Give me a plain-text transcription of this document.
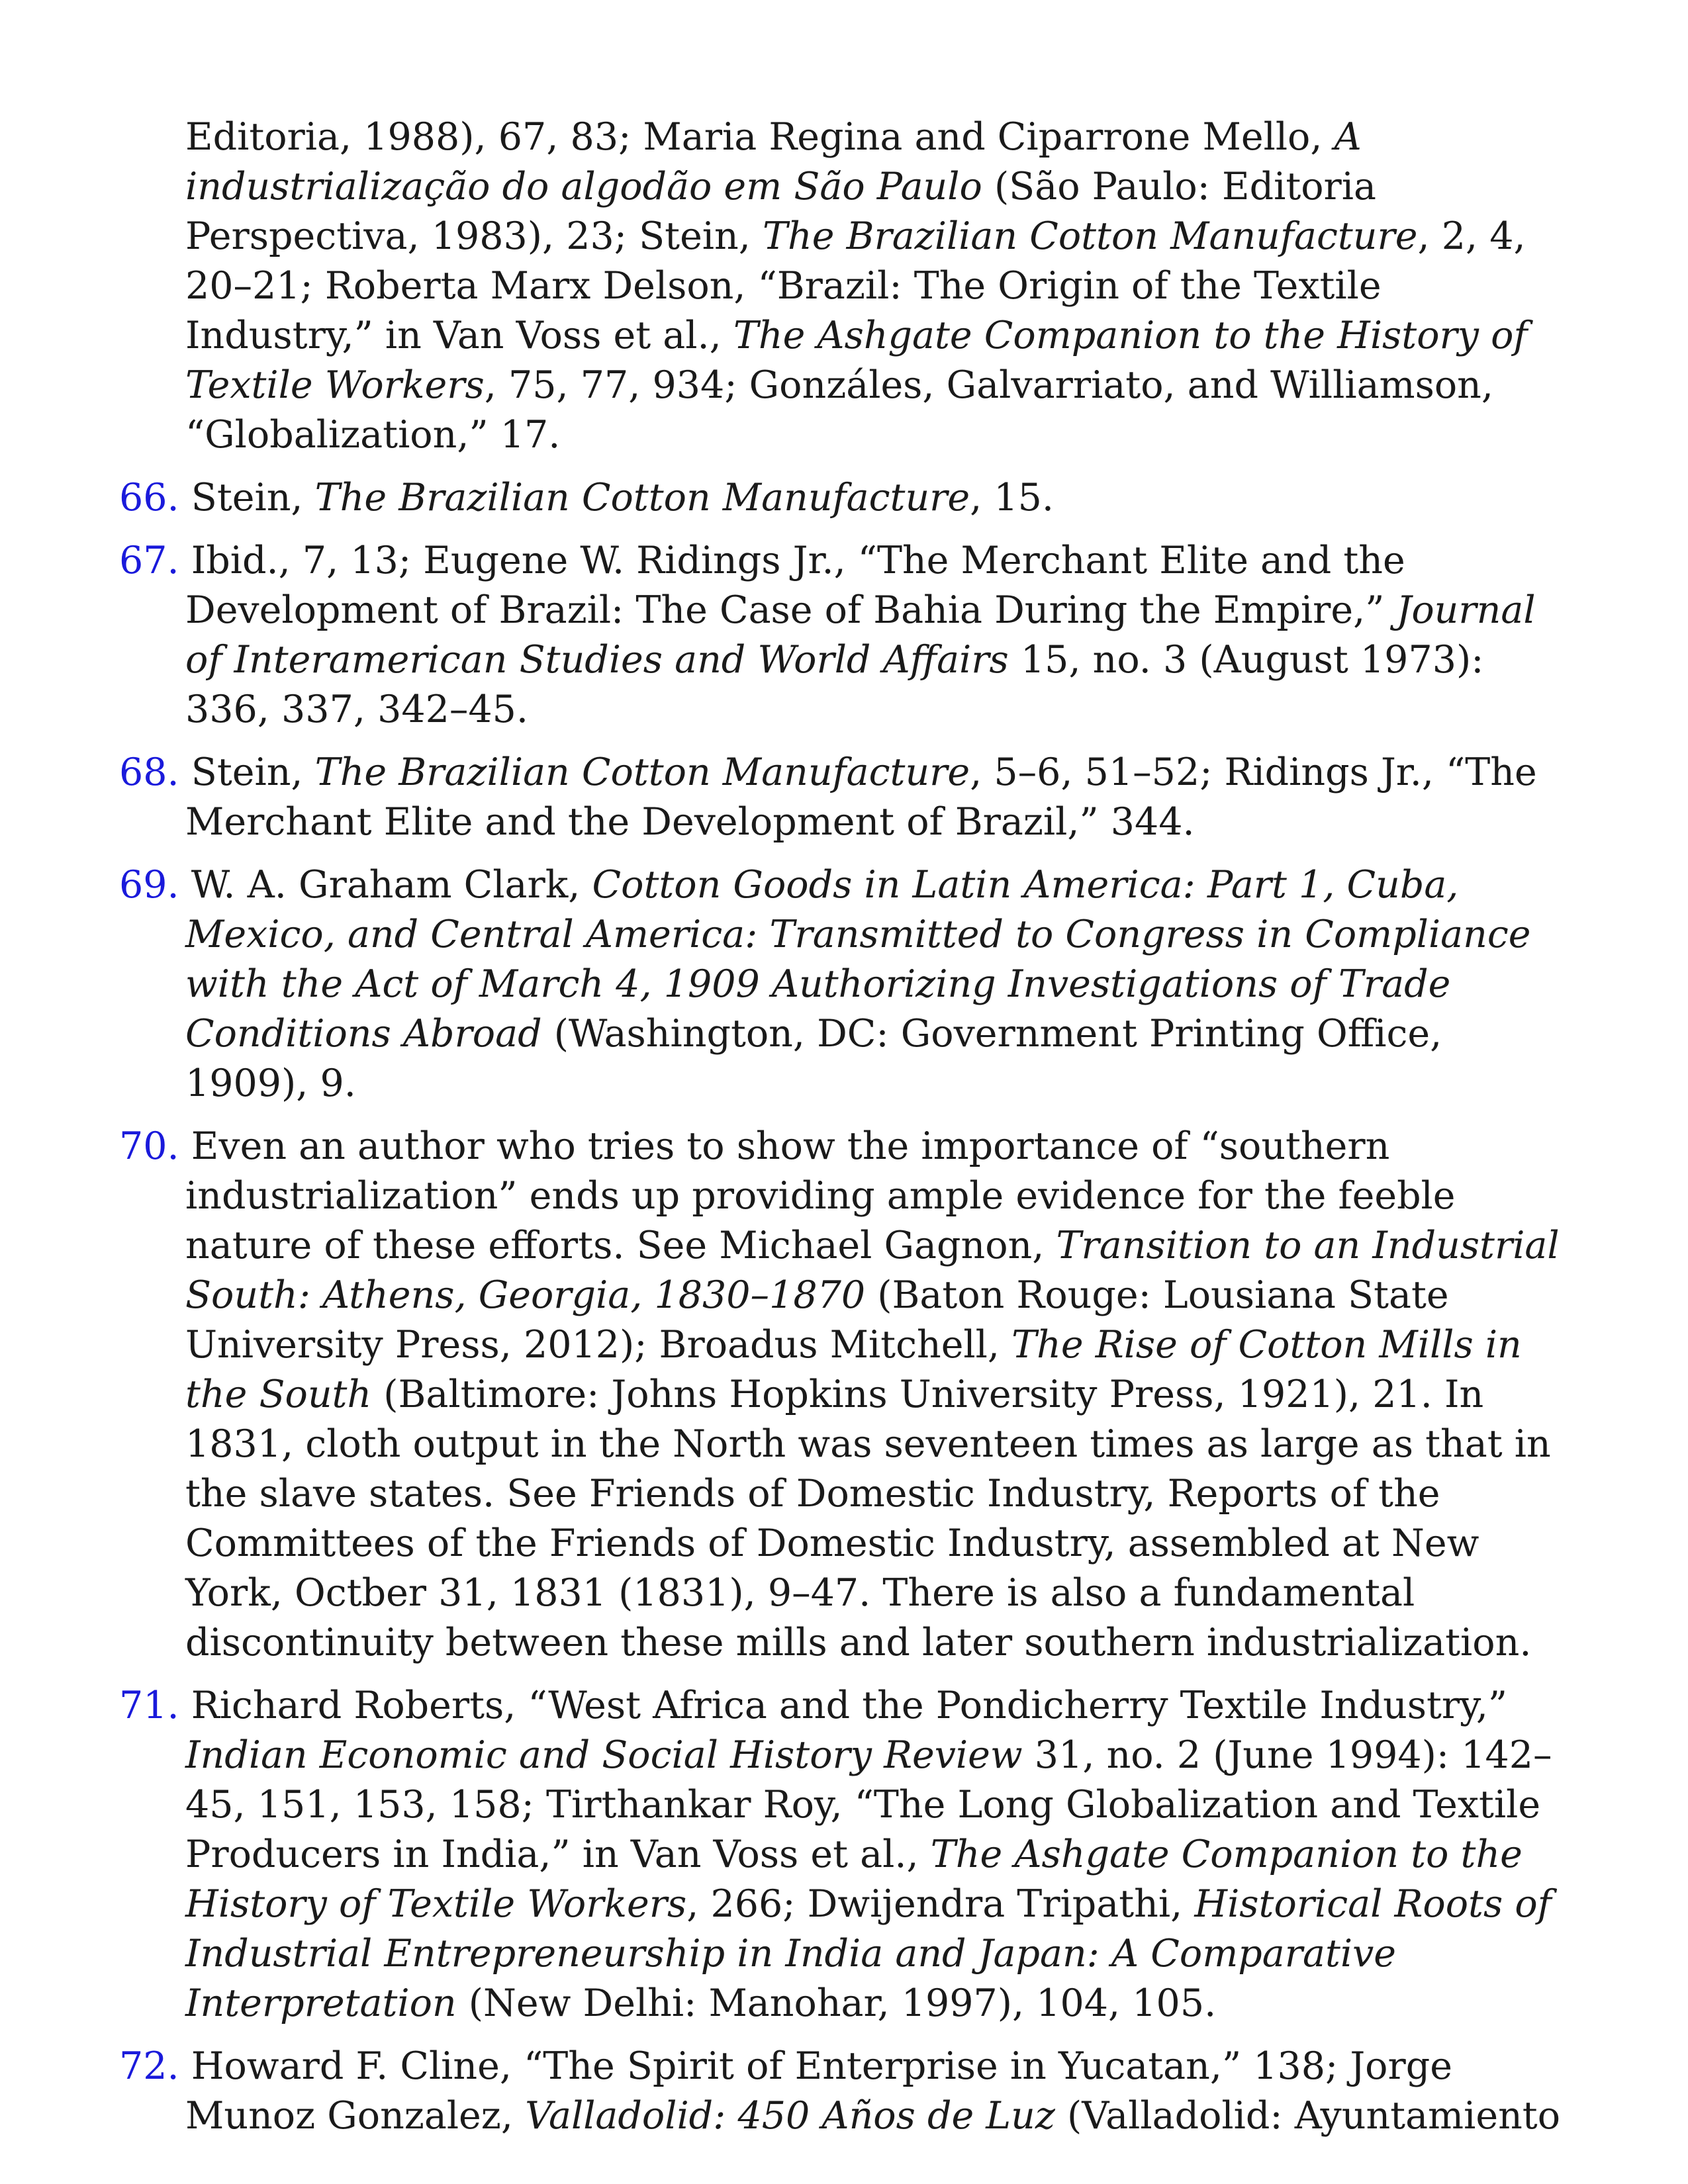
Editoria, 1988), 67, 83; Maria Regina and Ciparrone Mello, A industrialização do algodão em São Paulo (São Paulo: Editoria Perspectiva, 1983), 23; Stein, The Brazilian Cotton Manufacture, 2, 4, 20–21; Roberta Marx Delson, “Brazil: The Origin of the Textile Industry,” in Van Voss et al., The Ashgate Companion to the History of Textile Workers, 75, 77, 934; Gonzáles, Galvarriato, and Williamson, “Globalization,” 17.

66. Stein, The Brazilian Cotton Manufacture, 15.

67. Ibid., 7, 13; Eugene W. Ridings Jr., “The Merchant Elite and the Development of Brazil: The Case of Bahia During the Empire,” Journal of Interamerican Studies and World Affairs 15, no. 3 (August 1973): 336, 337, 342–45.

68. Stein, The Brazilian Cotton Manufacture, 5–6, 51–52; Ridings Jr., “The Merchant Elite and the Development of Brazil,” 344.

69. W. A. Graham Clark, Cotton Goods in Latin America: Part 1, Cuba, Mexico, and Central America: Transmitted to Congress in Compliance with the Act of March 4, 1909 Authorizing Investigations of Trade Conditions Abroad (Washington, DC: Government Printing Office, 1909), 9.

70. Even an author who tries to show the importance of “southern industrialization” ends up providing ample evidence for the feeble nature of these efforts. See Michael Gagnon, Transition to an Industrial South: Athens, Georgia, 1830–1870 (Baton Rouge: Lousiana State University Press, 2012); Broadus Mitchell, The Rise of Cotton Mills in the South (Baltimore: Johns Hopkins University Press, 1921), 21. In 1831, cloth output in the North was seventeen times as large as that in the slave states. See Friends of Domestic Industry, Reports of the Committees of the Friends of Domestic Industry, assembled at New York, Octber 31, 1831 (1831), 9–47. There is also a fundamental discontinuity between these mills and later southern industrialization.

71. Richard Roberts, “West Africa and the Pondicherry Textile Industry,” Indian Economic and Social History Review 31, no. 2 (June 1994): 142–45, 151, 153, 158; Tirthankar Roy, “The Long Globalization and Textile Producers in India,” in Van Voss et al., The Ashgate Companion to the History of Textile Workers, 266; Dwijendra Tripathi, Historical Roots of Industrial Entrepreneurship in India and Japan: A Comparative Interpretation (New Delhi: Manohar, 1997), 104, 105.

72. Howard F. Cline, “The Spirit of Enterprise in Yucatan,” 138; Jorge Munoz Gonzalez, Valladolid: 450 Años de Luz (Valladolid: Ayuntamiento
